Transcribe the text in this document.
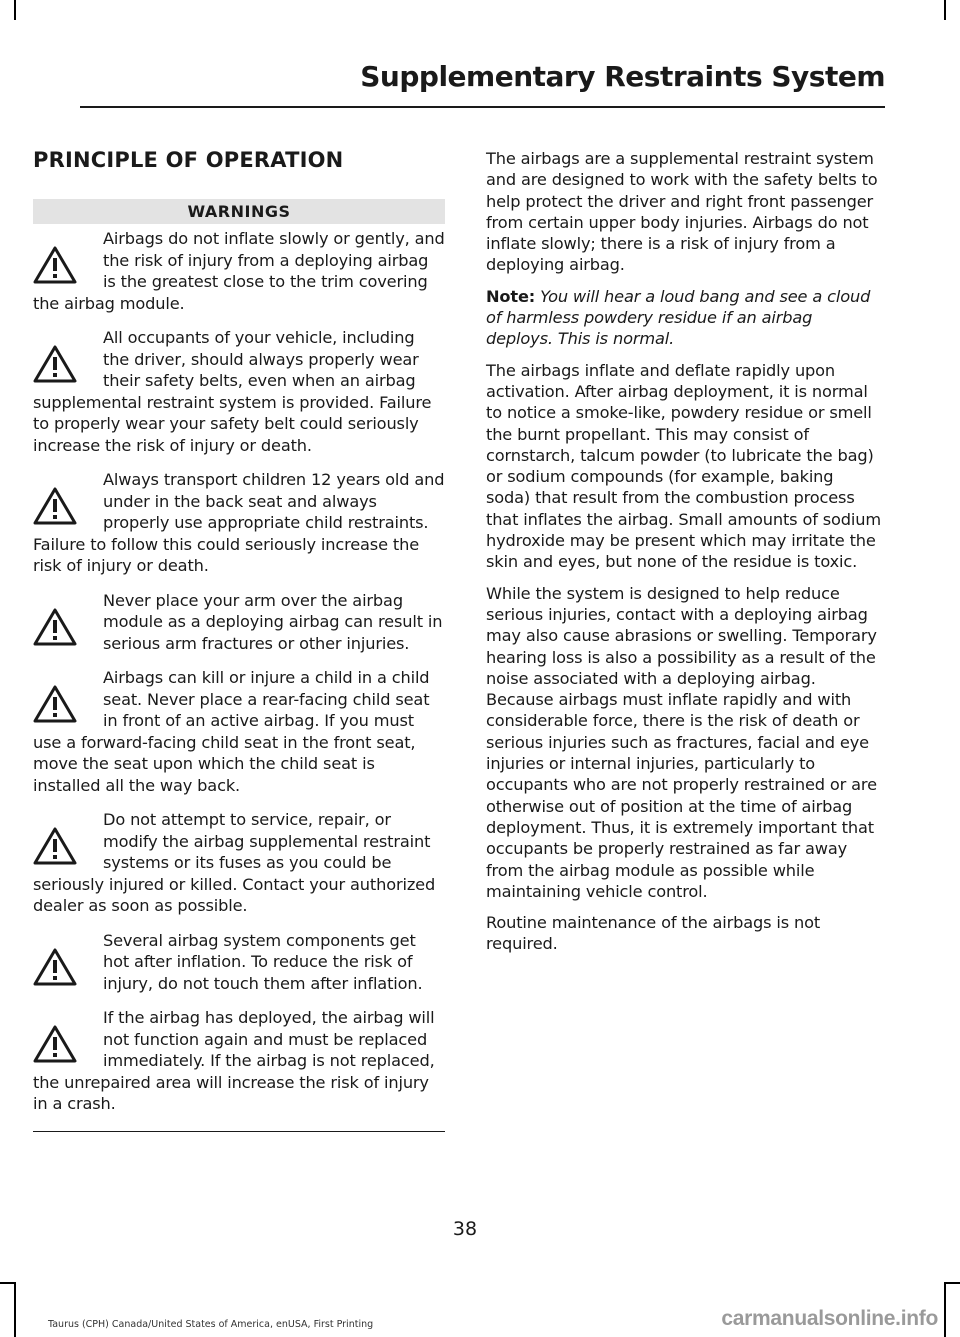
Supplementary Restraints System
PRINCIPLE OF OPERATION
WARNINGS

Airbags do not inflate slowly or gently, and the risk of injury from a deploying airbag is the greatest close to the trim covering the airbag module.

All occupants of your vehicle, including the driver, should always properly wear their safety belts, even when an airbag supplemental restraint system is provided. Failure to properly wear your safety belt could seriously increase the risk of injury or death.

Always transport children 12 years old and under in the back seat and always properly use appropriate child restraints. Failure to follow this could seriously increase the risk of injury or death.

Never place your arm over the airbag module as a deploying airbag can result in serious arm fractures or other injuries.

Airbags can kill or injure a child in a child seat. Never place a rear-facing child seat in front of an active airbag. If you must use a forward-facing child seat in the front seat, move the seat upon which the child seat is installed all the way back.

Do not attempt to service, repair, or modify the airbag supplemental restraint systems or its fuses as you could be seriously injured or killed. Contact your authorized dealer as soon as possible.

Several airbag system components get hot after inflation. To reduce the risk of injury, do not touch them after inflation.

If the airbag has deployed, the airbag will not function again and must be replaced immediately. If the airbag is not replaced, the unrepaired area will increase the risk of injury in a crash.

The airbags are a supplemental restraint system and are designed to work with the safety belts to help protect the driver and right front passenger from certain upper body injuries. Airbags do not inflate slowly; there is a risk of injury from a deploying airbag.

Note: You will hear a loud bang and see a cloud of harmless powdery residue if an airbag deploys. This is normal.

The airbags inflate and deflate rapidly upon activation. After airbag deployment, it is normal to notice a smoke-like, powdery residue or smell the burnt propellant. This may consist of cornstarch, talcum powder (to lubricate the bag) or sodium compounds (for example, baking soda) that result from the combustion process that inflates the airbag. Small amounts of sodium hydroxide may be present which may irritate the skin and eyes, but none of the residue is toxic.

While the system is designed to help reduce serious injuries, contact with a deploying airbag may also cause abrasions or swelling. Temporary hearing loss is also a possibility as a result of the noise associated with a deploying airbag. Because airbags must inflate rapidly and with considerable force, there is the risk of death or serious injuries such as fractures, facial and eye injuries or internal injuries, particularly to occupants who are not properly restrained or are otherwise out of position at the time of airbag deployment. Thus, it is extremely important that occupants be properly restrained as far away from the airbag module as possible while maintaining vehicle control.

Routine maintenance of the airbags is not required.

38
Taurus (CPH) Canada/United States of America, enUSA, First Printing	carmanualsonline.info
